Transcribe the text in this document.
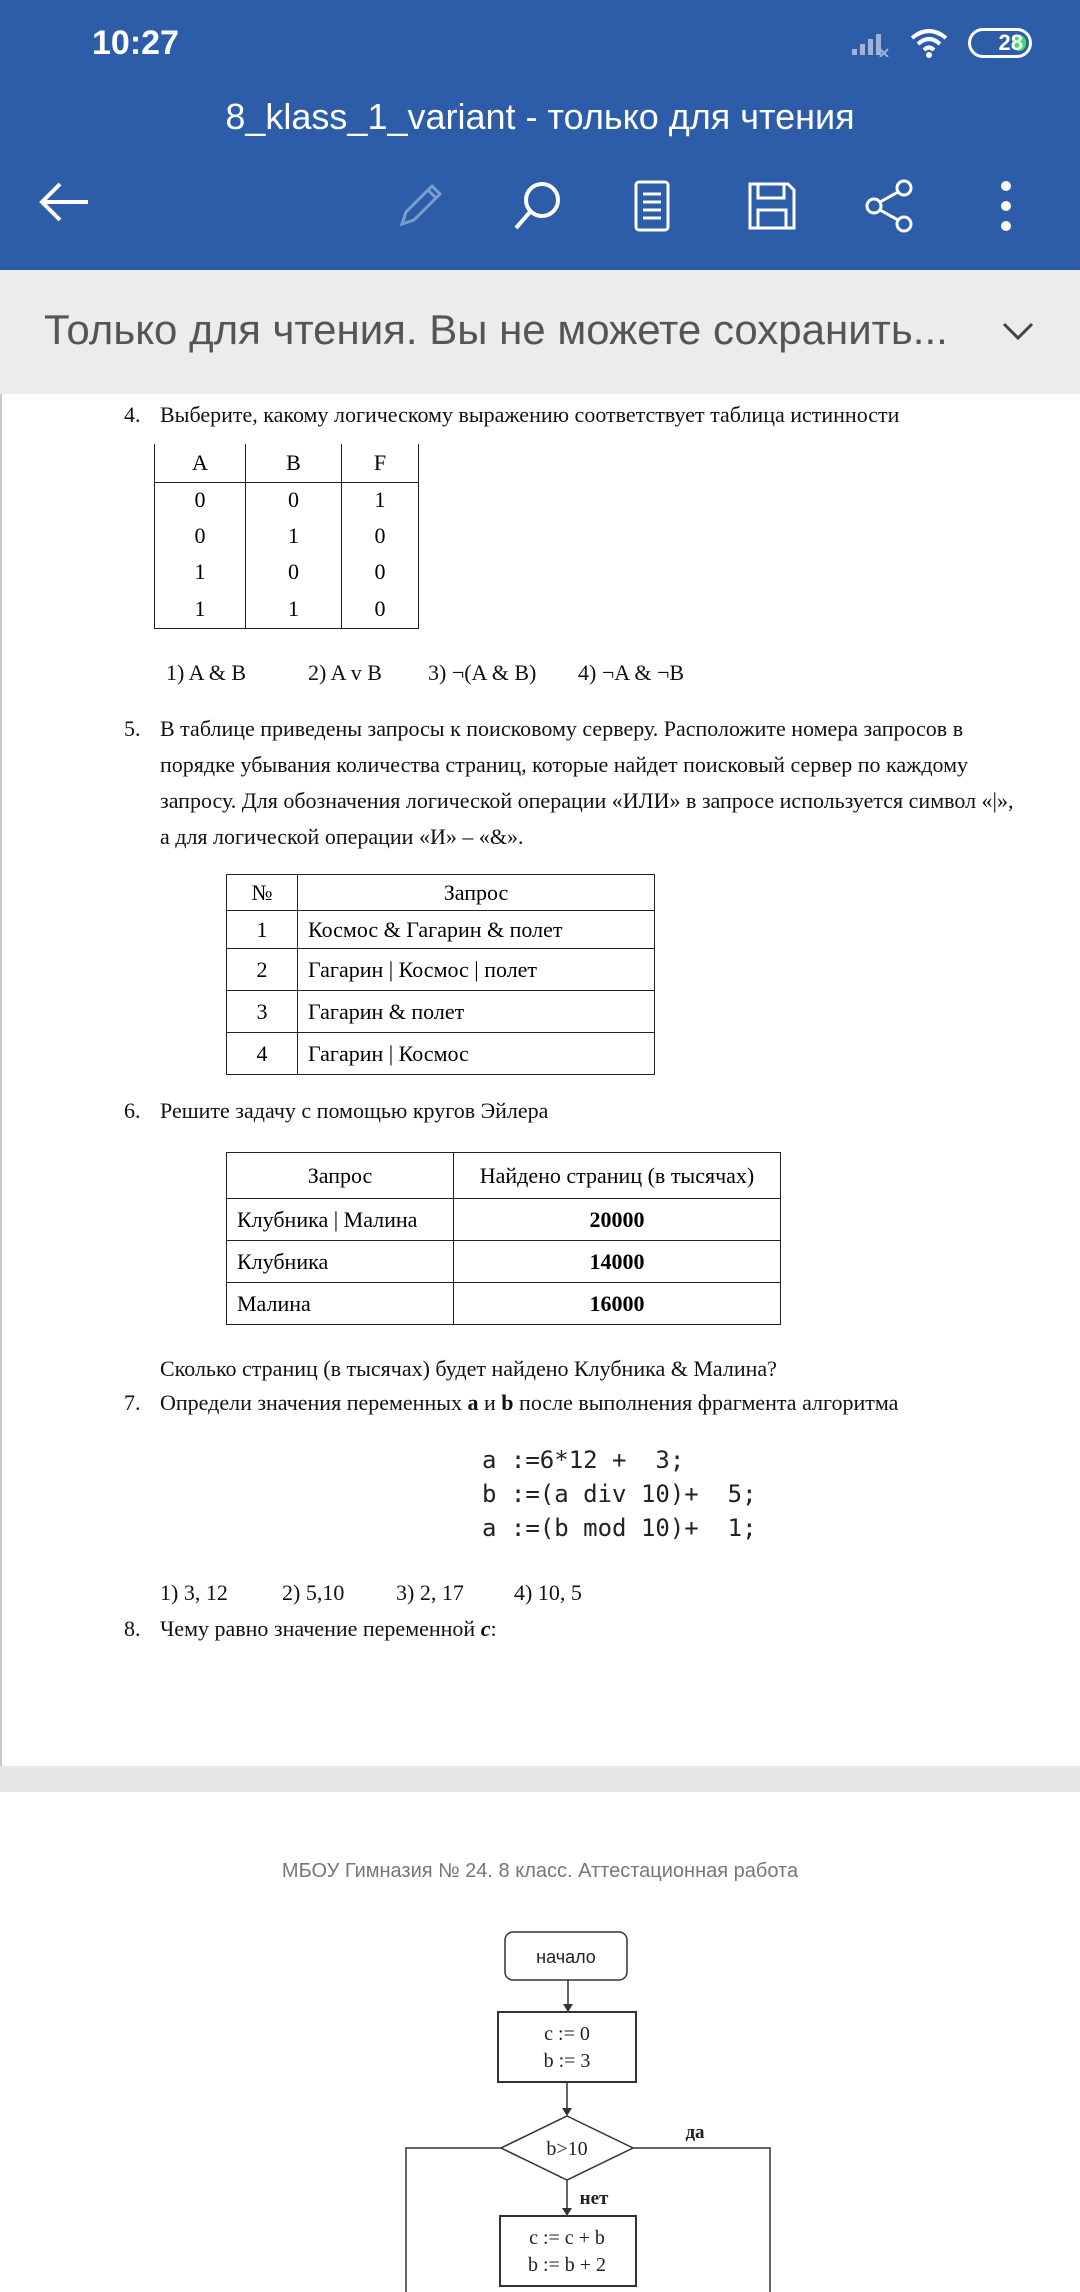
10:27	28
8_klass_1_variant - только для чтения
Только для чтения. Вы не можете сохранить...
4. Выберите, какому логическому выражению соответствует таблица истинности
A	B	F
0	0	1
0	1	0
1	0	0
1	1	0
1) A & B	2) A v B 3) ¬(A & B) 4) ¬A & ¬B
5. В таблице приведены запросы к поисковому серверу. Расположите номера запросов в
порядке убывания количества страниц, которые найдет поисковый сервер по каждому
запросу. Для обозначения логической операции «ИЛИ» в запросе используется символ «|»,
а для логической операции «И» – «&».
№	Запрос
1	Космос & Гагарин & полет
2	Гагарин | Космос | полет
3	Гагарин & полет
4	Гагарин | Космос
6. Решите задачу с помощью кругов Эйлера
Запрос	Найдено страниц (в тысячах)
Клубника | Малина	20000
Клубника	14000
Малина	16000
Сколько страниц (в тысячах) будет найдено Клубника & Малина?
7. Определи значения переменных a и b после выполнения фрагмента алгоритма
a :=6*12 +  3;
b :=(a div 10)+  5;
a :=(b mod 10)+  1;
1) 3, 12 2) 5,10 3) 2, 17 4) 10, 5
8. Чему равно значение переменной c:
МБОУ Гимназия № 24. 8 класс. Аттестационная работа
начало
c := 0
b := 3
b>10
да
нет
c := c + b
b := b + 2
